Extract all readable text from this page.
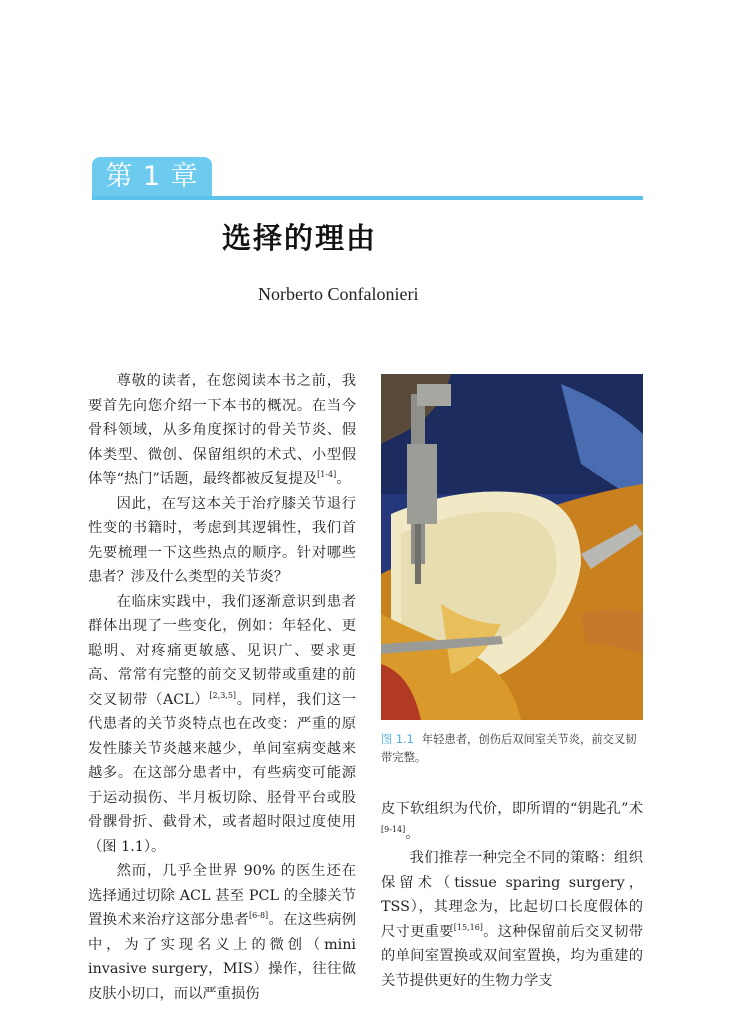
第 1 章
选择的理由
Norberto Confalonieri

尊敬的读者，在您阅读本书之前，我要首先向您介绍一下本书的概况。在当今骨科领域，从多角度探讨的骨关节炎、假体类型、微创、保留组织的术式、小型假体等“热门”话题，最终都被反复提及[1-4]。

因此，在写这本关于治疗膝关节退行性变的书籍时，考虑到其逻辑性，我们首先要梳理一下这些热点的顺序。针对哪些患者？涉及什么类型的关节炎？

在临床实践中，我们逐渐意识到患者群体出现了一些变化，例如：年轻化、更聪明、对疼痛更敏感、见识广、要求更高、常常有完整的前交叉韧带或重建的前交叉韧带（ACL）[2,3,5]。同样，我们这一代患者的关节炎特点也在改变：严重的原发性膝关节炎越来越少，单间室病变越来越多。在这部分患者中，有些病变可能源于运动损伤、半月板切除、胫骨平台或股骨髁骨折、截骨术，或者超时限过度使用（图 1.1）。

然而，几乎全世界 90% 的医生还在选择通过切除 ACL 甚至 PCL 的全膝关节置换术来治疗这部分患者[6-8]。在这些病例中，为了实现名义上的微创（mini invasive surgery，MIS）操作，往往做皮肤小切口，而以严重损伤

图 1.1 年轻患者，创伤后双间室关节炎，前交叉韧带完整。

皮下软组织为代价，即所谓的“钥匙孔”术[9-14]。

我们推荐一种完全不同的策略：组织保留术（tissue sparing surgery，TSS），其理念为，比起切口长度假体的尺寸更重要[15,16]。这种保留前后交叉韧带的单间室置换或双间室置换，均为重建的关节提供更好的生物力学支
